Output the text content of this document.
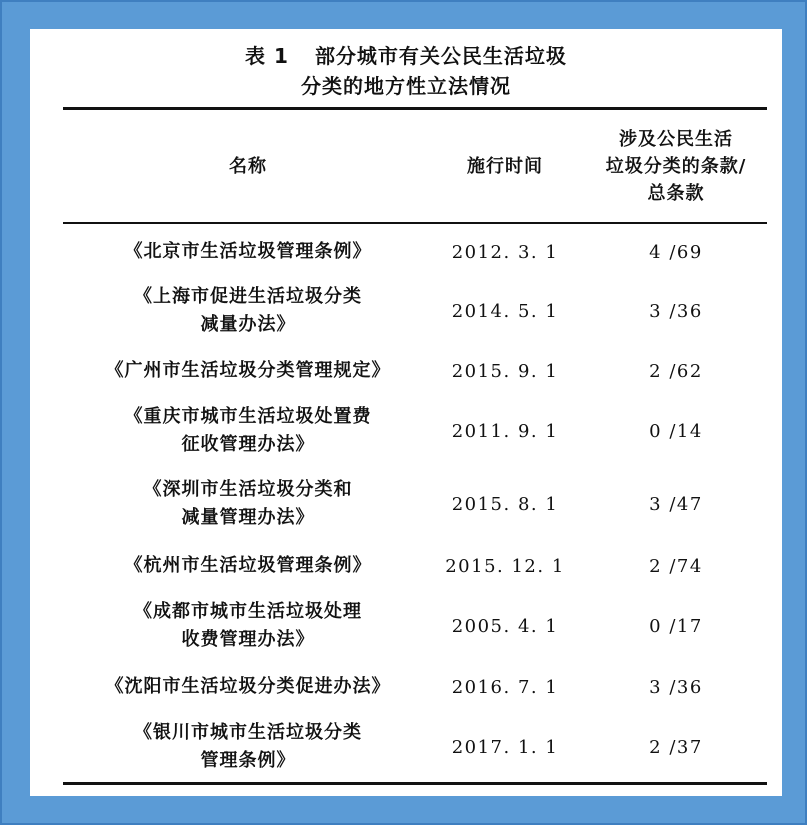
表 1 部分城市有关公民生活垃圾
分类的地方性立法情况
名称	施行时间
涉及公民生活
垃圾分类的条款/
总条款
《北京市生活垃圾管理条例》	2012. 3. 1	4 /69
《上海市促进生活垃圾分类
减量办法》
2014. 5. 1	3 /36
《广州市生活垃圾分类管理规定》	2015. 9. 1	2 /62
《重庆市城市生活垃圾处置费
征收管理办法》
2011. 9. 1	0 /14
《深圳市生活垃圾分类和
减量管理办法》
2015. 8. 1	3 /47
《杭州市生活垃圾管理条例》	2015. 12. 1	2 /74
《成都市城市生活垃圾处理
收费管理办法》
2005. 4. 1	0 /17
《沈阳市生活垃圾分类促进办法》	2016. 7. 1	3 /36
《银川市城市生活垃圾分类
管理条例》
2017. 1. 1	2 /37
